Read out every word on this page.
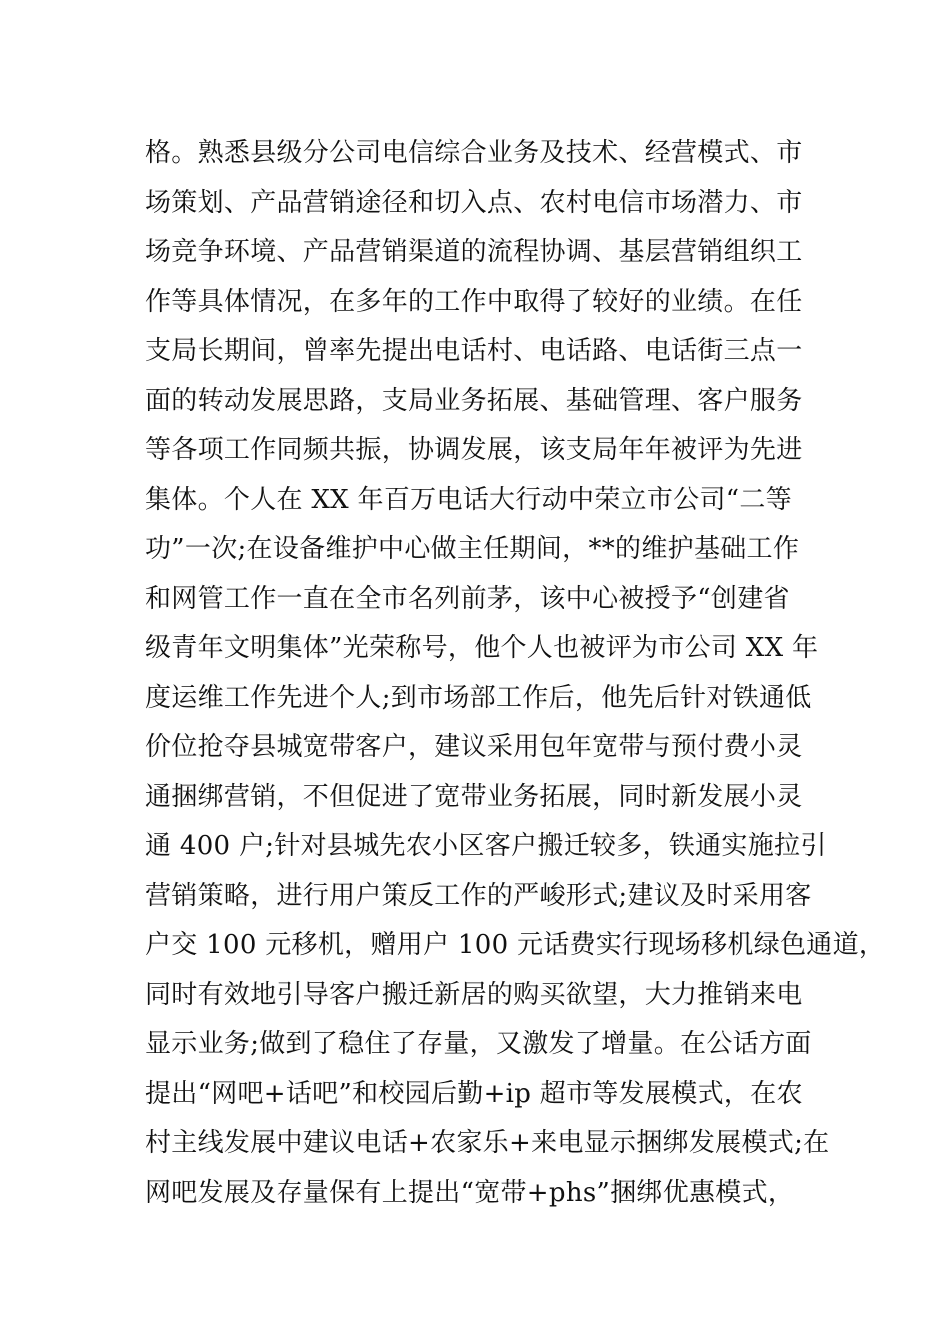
格。熟悉县级分公司电信综合业务及技术、经营模式、市
场策划、产品营销途径和切入点、农村电信市场潜力、市
场竞争环境、产品营销渠道的流程协调、基层营销组织工
作等具体情况，在多年的工作中取得了较好的业绩。在任
支局长期间，曾率先提出电话村、电话路、电话街三点一
面的转动发展思路，支局业务拓展、基础管理、客户服务
等各项工作同频共振，协调发展，该支局年年被评为先进
集体。个人在 XX 年百万电话大行动中荣立市公司“二等
功”一次;在设备维护中心做主任期间，**的维护基础工作
和网管工作一直在全市名列前茅，该中心被授予“创建省
级青年文明集体”光荣称号，他个人也被评为市公司 XX 年
度运维工作先进个人;到市场部工作后，他先后针对铁通低
价位抢夺县城宽带客户，建议采用包年宽带与预付费小灵
通捆绑营销，不但促进了宽带业务拓展，同时新发展小灵
通 400 户;针对县城先农小区客户搬迁较多，铁通实施拉引
营销策略，进行用户策反工作的严峻形式;建议及时采用客
户交 100 元移机，赠用户 100 元话费实行现场移机绿色通道，
同时有效地引导客户搬迁新居的购买欲望，大力推销来电
显示业务;做到了稳住了存量，又激发了增量。在公话方面
提出“网吧+话吧”和校园后勤+ip 超市等发展模式，在农
村主线发展中建议电话+农家乐+来电显示捆绑发展模式;在
网吧发展及存量保有上提出“宽带+phs”捆绑优惠模式，
